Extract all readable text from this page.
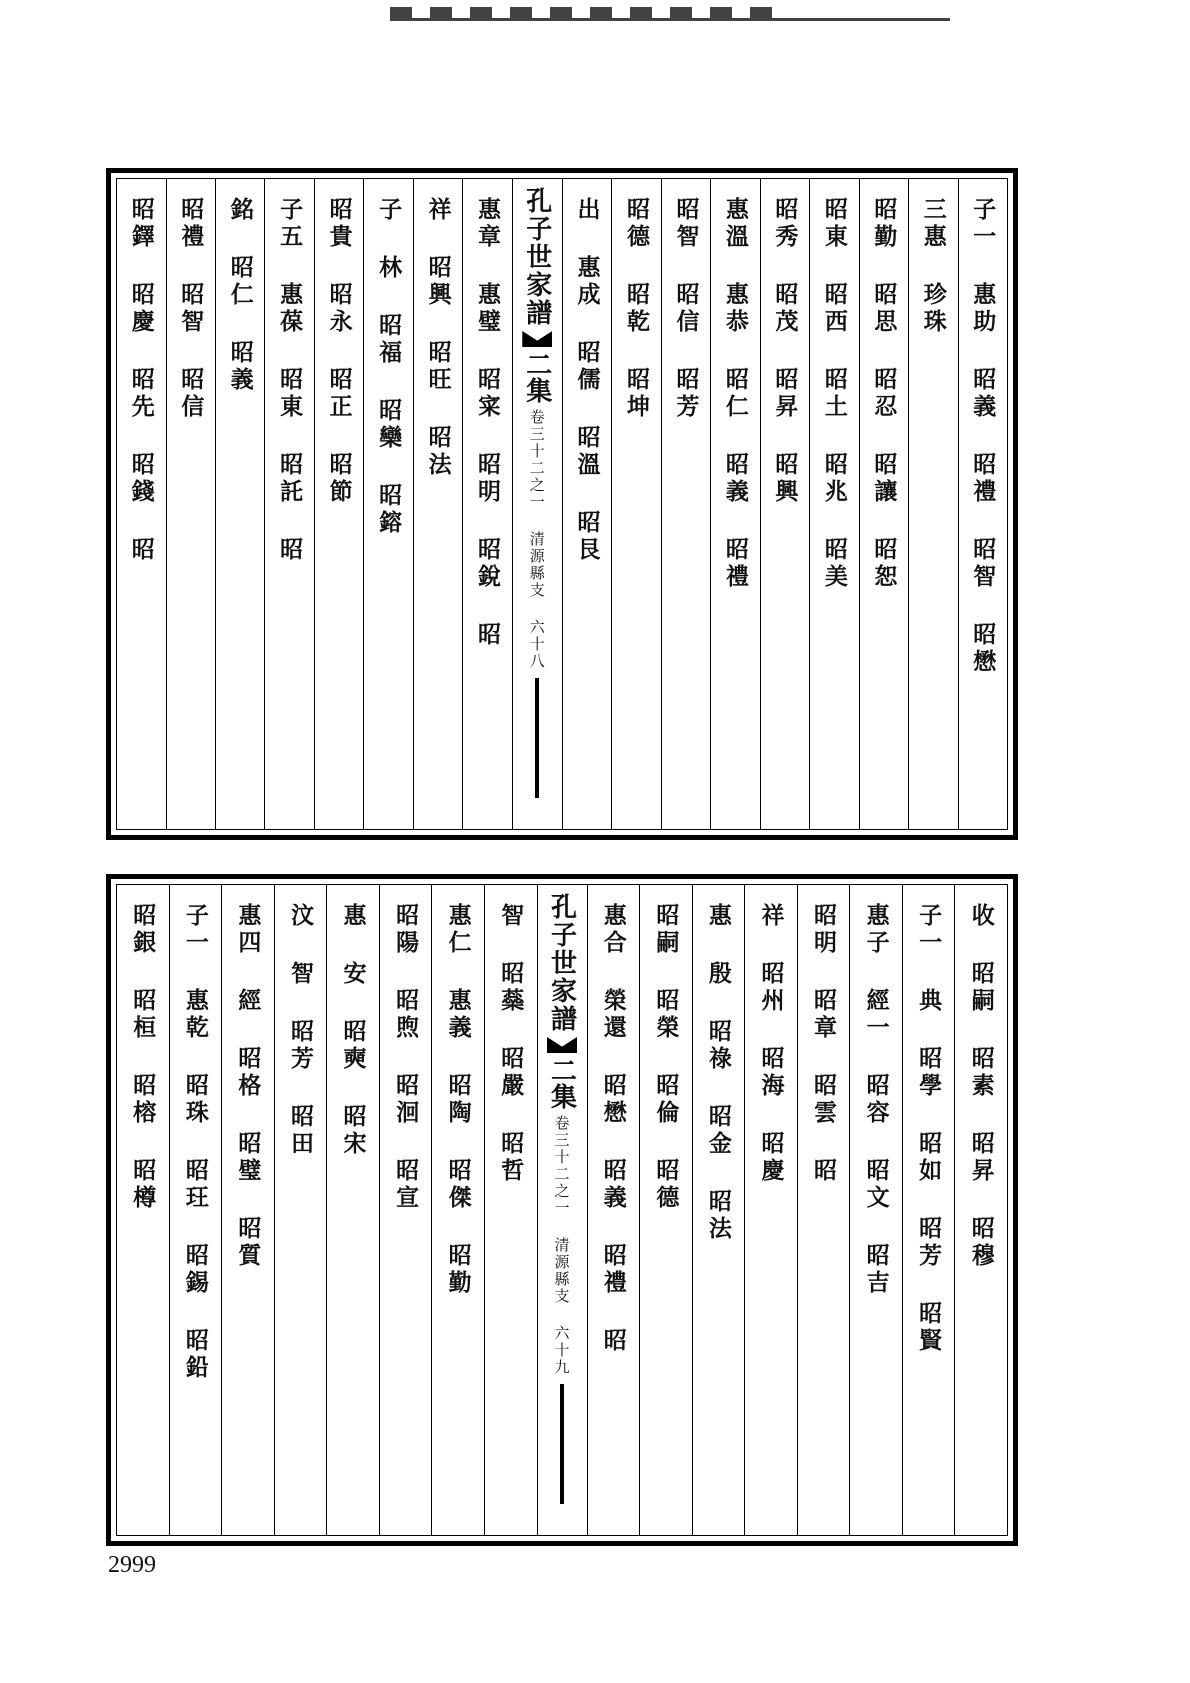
子一 惠助 昭義 昭禮 昭智 昭懋
三惠 珍珠
昭勤 昭思 昭忍 昭讓 昭恕
昭東 昭西 昭土 昭兆 昭美
昭秀 昭茂 昭昇 昭興
惠溫 惠恭 昭仁 昭義 昭禮
昭智 昭信 昭芳
昭德 昭乾 昭坤
出 惠成 昭儒 昭溫 昭艮
孔子世家譜
二集
卷三十二之一 清源縣支 六十八
惠章 惠璧 昭寀 昭明 昭銳 昭
祥 昭興 昭旺 昭法
子 林 昭福 昭欒 昭鎔
昭貴 昭永 昭正 昭節
子五 惠葆 昭東 昭託 昭
銘 昭仁 昭義
昭禮 昭智 昭信
昭鐸 昭慶 昭先 昭錢 昭
收 昭嗣 昭素 昭昇 昭穆
子一 典 昭學 昭如 昭芳 昭賢
惠子 經一 昭容 昭文 昭吉
昭明 昭章 昭雲 昭
祥 昭州 昭海 昭慶
惠 殷 昭祿 昭金 昭法
昭嗣 昭榮 昭倫 昭德
惠合 榮還 昭懋 昭義 昭禮 昭
孔子世家譜
二集
卷三十二之一 清源縣支 六十九
智 昭蘂 昭嚴 昭哲
惠仁 惠義 昭陶 昭傑 昭勤
昭陽 昭煦 昭洄 昭宣
惠 安 昭奭 昭宋
汶 智 昭芳 昭田
惠四 經 昭格 昭璧 昭質
子一 惠乾 昭珠 昭玨 昭錫 昭鉛
昭銀 昭桓 昭榕 昭樽
2999
